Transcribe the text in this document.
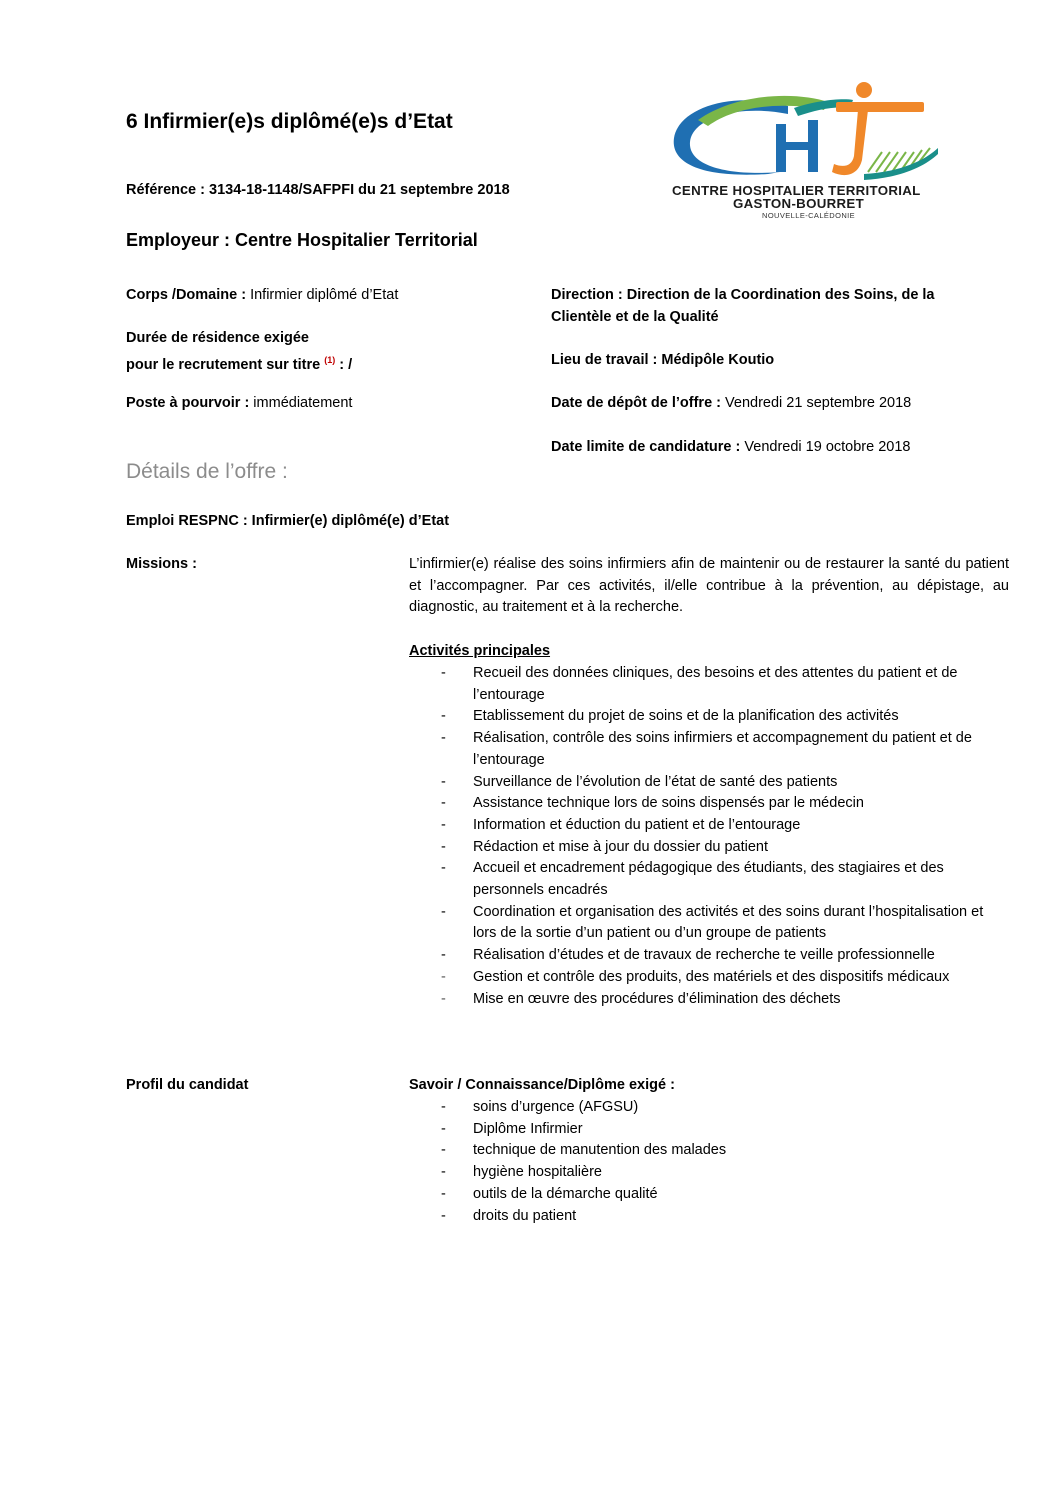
6 Infirmier(e)s diplômé(e)s d’Etat
Référence : 3134-18-1148/SAFPFI du 21 septembre 2018
Employeur : Centre Hospitalier Territorial
CENTRE HOSPITALIER TERRITORIAL
GASTON-BOURRET
NOUVELLE-CALÉDONIE
Corps /Domaine : Infirmier diplômé d’Etat
Durée de résidence exigée
pour le recrutement sur titre $^{(1)}$ : /
Poste à pourvoir : immédiatement
Direction : Direction de la Coordination des Soins, de la
Clientèle et de la Qualité
Lieu de travail : Médipôle Koutio
Date de dépôt de l’offre : Vendredi 21 septembre 2018
Date limite de candidature : Vendredi 19 octobre 2018
Détails de l’offre :
Emploi RESPNC : Infirmier(e) diplômé(e) d’Etat
Missions :	L’infirmier(e) réalise des soins infirmiers afin de maintenir ou de restaurer la santé du patient et l’accompagner. Par ces activités, il/elle contribue à la prévention, au dépistage, au diagnostic, au traitement et à la recherche.
Activités principales
- Recueil des données cliniques, des besoins et des attentes du patient et de l’entourage
- Etablissement du projet de soins et de la planification des activités
- Réalisation, contrôle des soins infirmiers et accompagnement du patient et de l’entourage
- Surveillance de l’évolution de l’état de santé des patients
- Assistance technique lors de soins dispensés par le médecin
- Information et éduction du patient et de l’entourage
- Rédaction et mise à jour du dossier du patient
- Accueil et encadrement pédagogique des étudiants, des stagiaires et des personnels encadrés
- Coordination et organisation des activités et des soins durant l’hospitalisation et lors de la sortie d’un patient ou d’un groupe de patients
- Réalisation d’études et de travaux de recherche te veille professionnelle
- Gestion et contrôle des produits, des matériels et des dispositifs médicaux
- Mise en œuvre des procédures d’élimination des déchets
Profil du candidat	Savoir / Connaissance/Diplôme exigé :
- soins d’urgence (AFGSU)
- Diplôme Infirmier
- technique de manutention des malades
- hygiène hospitalière
- outils de la démarche qualité
- droits du patient
